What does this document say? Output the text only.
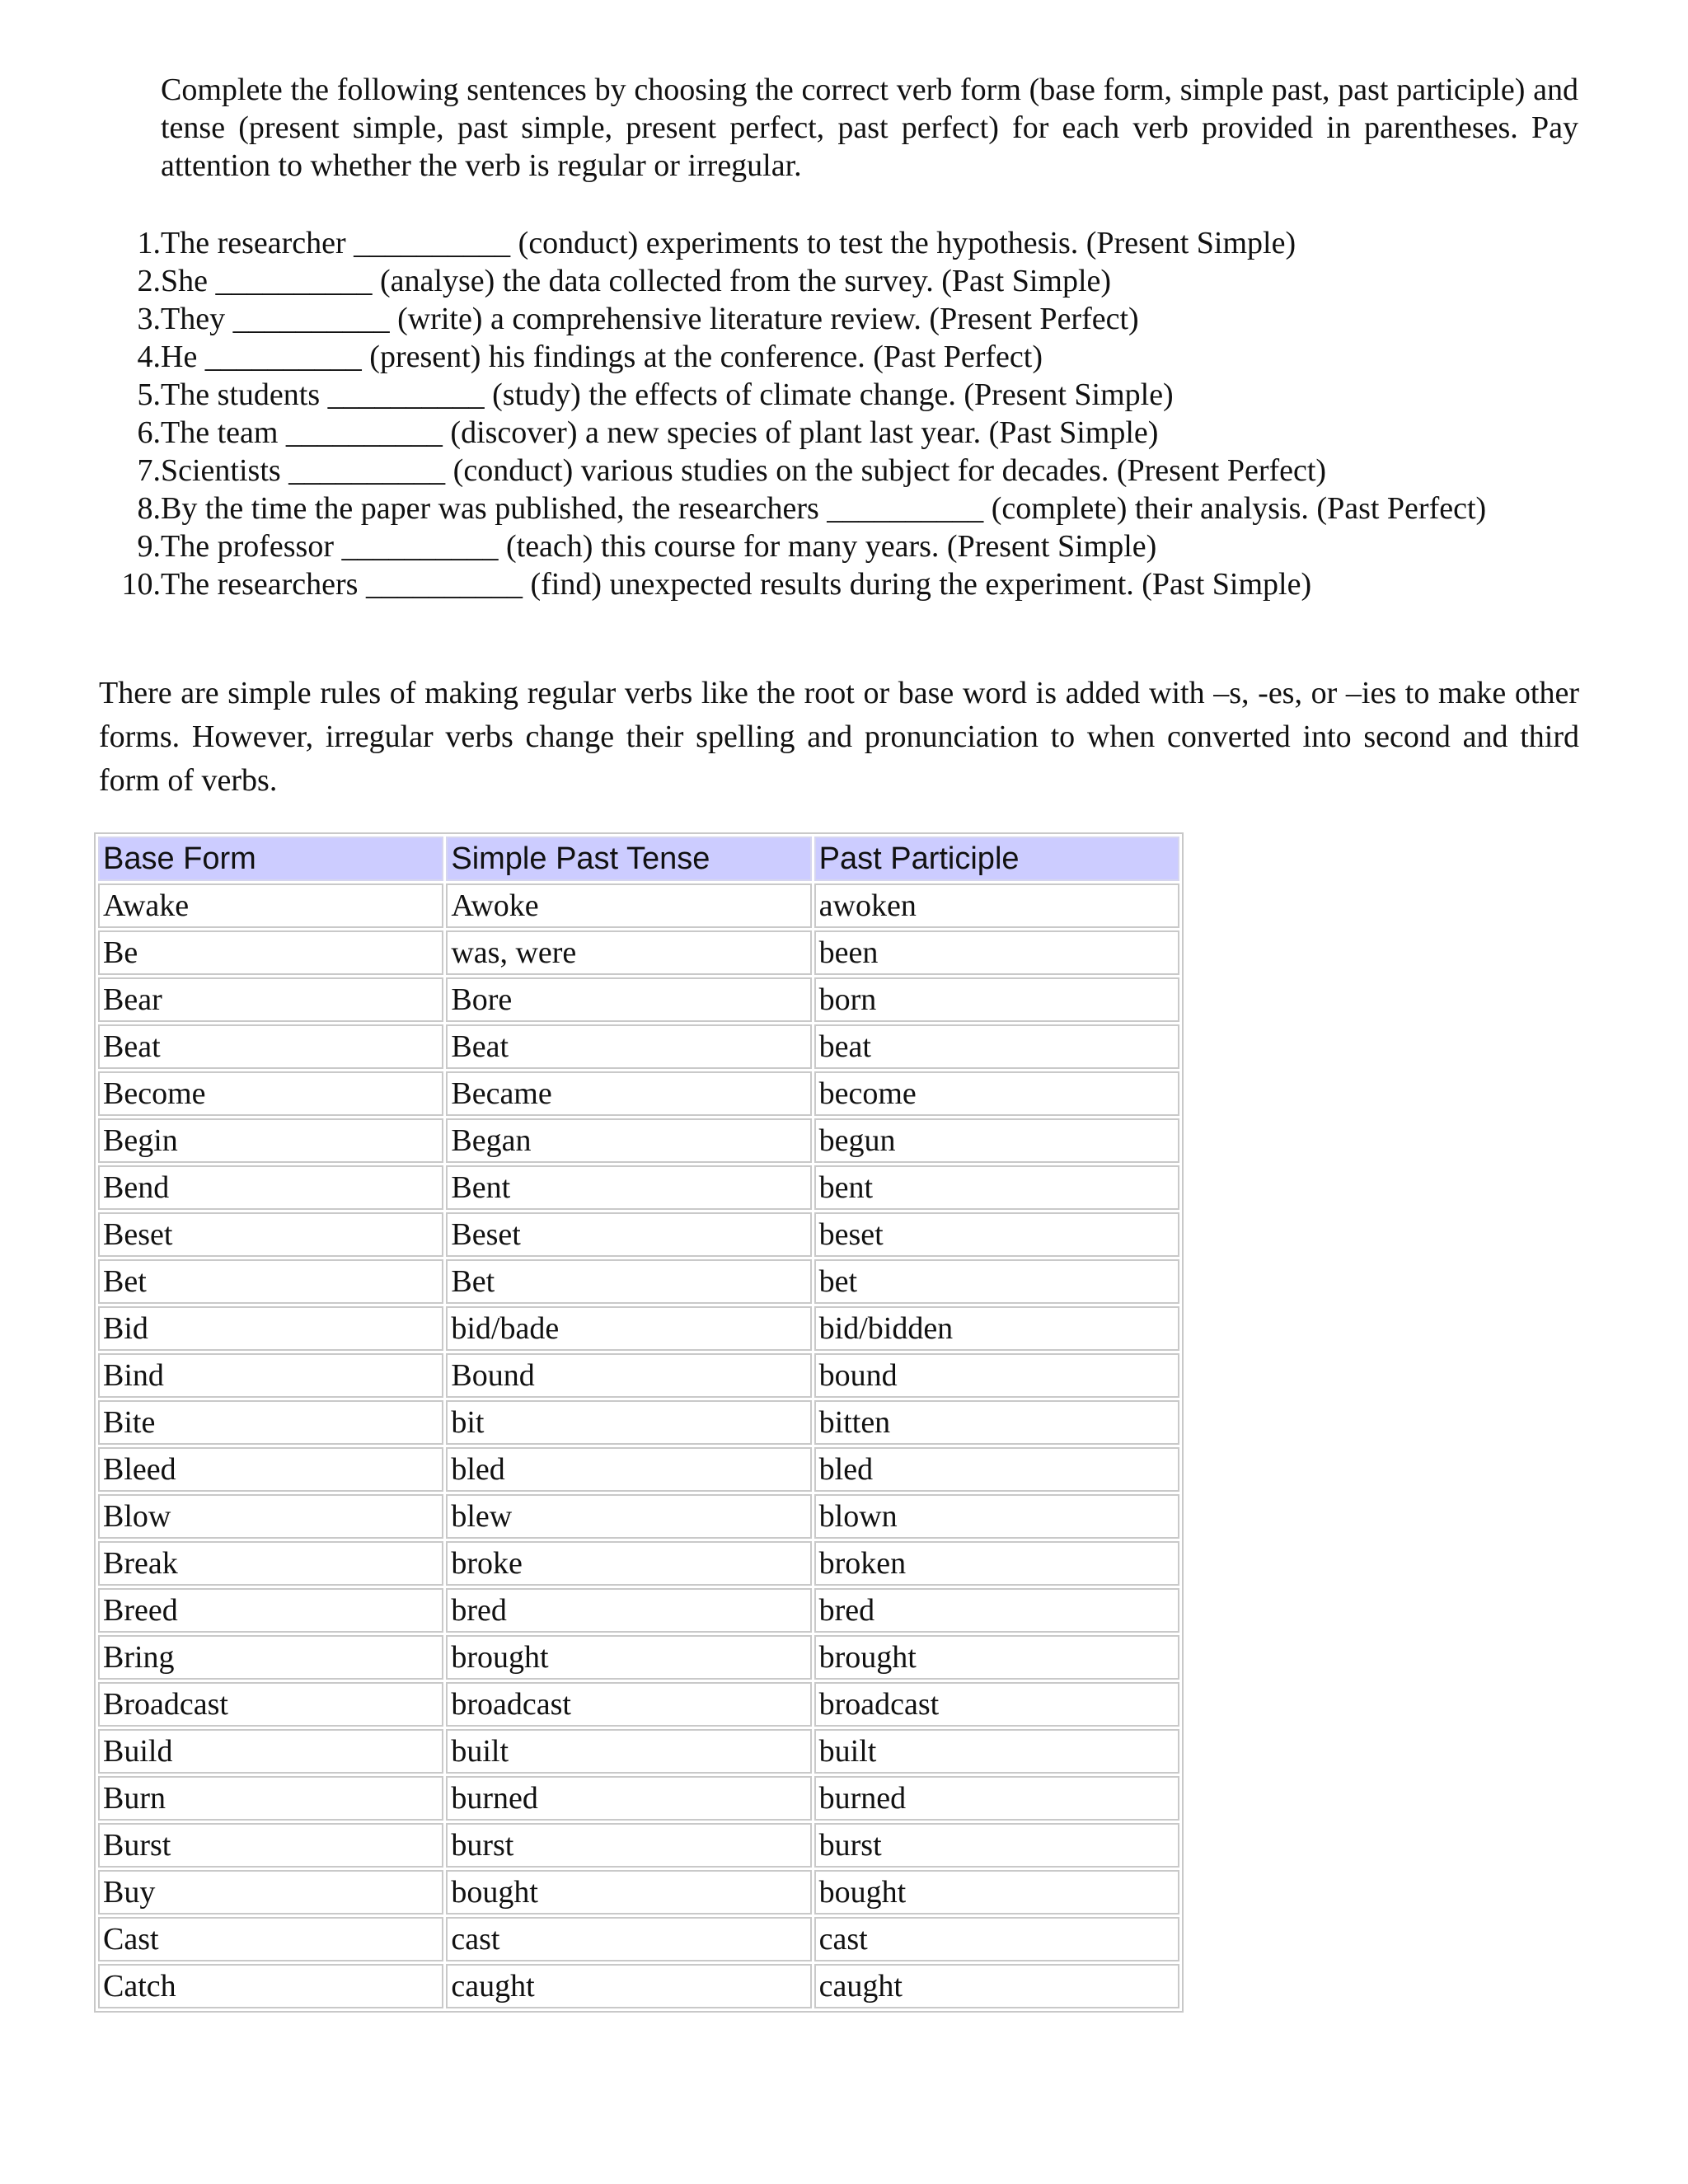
Complete the following sentences by choosing the correct verb form (base form, simple past, past participle) and tense (present simple, past simple, present perfect, past perfect) for each verb provided in parentheses. Pay attention to whether the verb is regular or irregular.

1. The researcher __________ (conduct) experiments to test the hypothesis. (Present Simple)
2. She __________ (analyse) the data collected from the survey. (Past Simple)
3. They __________ (write) a comprehensive literature review. (Present Perfect)
4. He __________ (present) his findings at the conference. (Past Perfect)
5. The students __________ (study) the effects of climate change. (Present Simple)
6. The team __________ (discover) a new species of plant last year. (Past Simple)
7. Scientists __________ (conduct) various studies on the subject for decades. (Present Perfect)
8. By the time the paper was published, the researchers __________ (complete) their analysis. (Past Perfect)
9. The professor __________ (teach) this course for many years. (Present Simple)
10. The researchers __________ (find) unexpected results during the experiment. (Past Simple)

There are simple rules of making regular verbs like the root or base word is added with –s, -es, or –ies to make other forms. However, irregular verbs change their spelling and pronunciation to when converted into second and third form of verbs.

Base Form	Simple Past Tense	Past Participle
Awake	Awoke	awoken
Be	was, were	been
Bear	Bore	born
Beat	Beat	beat
Become	Became	become
Begin	Began	begun
Bend	Bent	bent
Beset	Beset	beset
Bet	Bet	bet
Bid	bid/bade	bid/bidden
Bind	Bound	bound
Bite	bit	bitten
Bleed	bled	bled
Blow	blew	blown
Break	broke	broken
Breed	bred	bred
Bring	brought	brought
Broadcast	broadcast	broadcast
Build	built	built
Burn	burned	burned
Burst	burst	burst
Buy	bought	bought
Cast	cast	cast
Catch	caught	caught
